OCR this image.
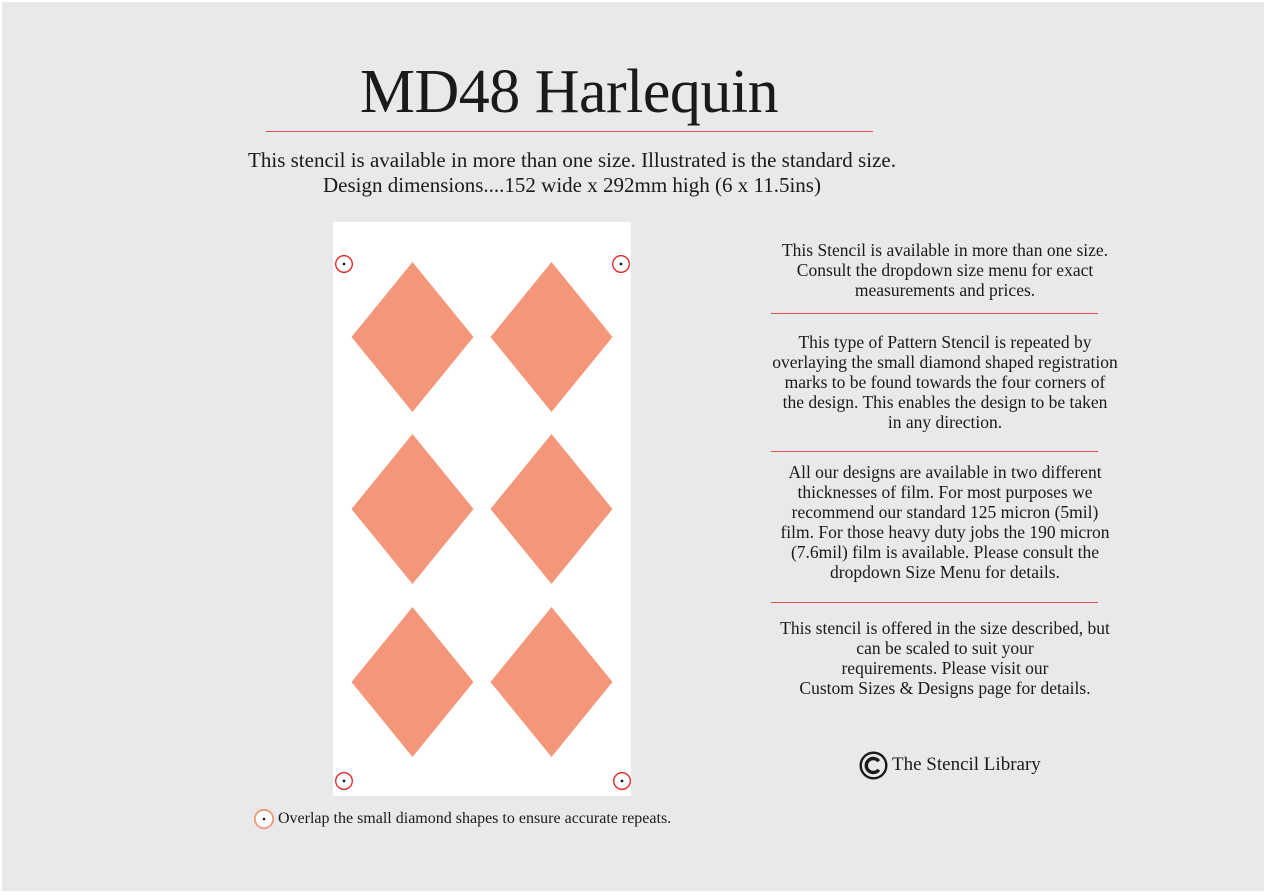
MD48 Harlequin
This stencil is available in more than one size. Illustrated is the standard size.
Design dimensions....152 wide x 292mm high (6 x 11.5ins)
This Stencil is available in more than one size.
Consult the dropdown size menu for exact
measurements and prices.
This type of Pattern Stencil is repeated by
overlaying the small diamond shaped registration
marks to be found towards the four corners of
the design. This enables the design to be taken
in any direction.
All our designs are available in two different
thicknesses of film. For most purposes we
recommend our standard 125 micron (5mil)
film. For those heavy duty jobs the 190 micron
(7.6mil) film is available. Please consult the
dropdown Size Menu for details.
This stencil is offered in the size described, but
can be scaled to suit your
requirements. Please visit our
Custom Sizes & Designs page for details.
The Stencil Library
Overlap the small diamond shapes to ensure accurate repeats.
